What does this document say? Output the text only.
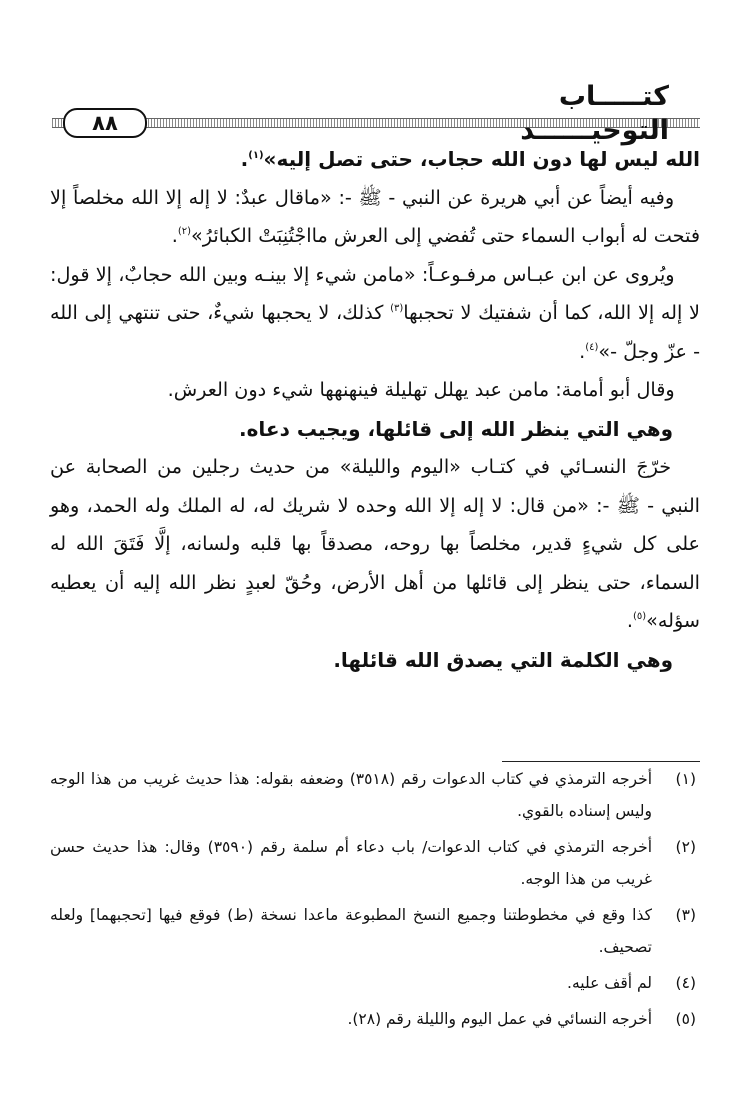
كتـــــاب التوحيــــــد
٨٨

الله ليس لها دون الله حجاب، حتى تصل إليه»$^{(١)}$.

  وفيه أيضاً عن أبي هريرة عن النبي - ﷺ -: «ماقال عبدٌ: لا إله إلا الله مخلصاً إلا فتحت له أبواب السماء حتى تُفضي إلى العرش مااجْتُنِبَتْ الكبائرُ»$^{(٢)}$.

  ويُروى عن ابن عبـاس مرفـوعـاً: «مامن شيء إلا بينـه وبين الله حجابٌ، إلا قول: لا إله إلا الله، كما أن شفتيك لا تحجبها$^{(٣)}$ كذلك، لا يحجبها شيءٌ، حتى تنتهي إلى الله - عزّ وجلّ -»$^{(٤)}$.

  وقال أبو أمامة: مامن عبد يهلل تهليلة فينهنهها شيء دون العرش.

  وهي التي ينظر الله إلى قائلها، ويجيب دعاه.

  خرّجَ النسـائي في كتـاب «اليوم والليلة» من حديث رجلين من الصحابة عن النبي - ﷺ -: «من قال: لا إله إلا الله وحده لا شريك له، له الملك وله الحمد، وهو على كل شيءٍ قدير، مخلصاً بها روحه، مصدقاً بها قلبه ولسانه، إلَّا فَتَقَ الله له السماء، حتى ينظر إلى قائلها من أهل الأرض، وحُقّ لعبدٍ نظر الله إليه أن يعطيه سؤله»$^{(٥)}$.

  وهي الكلمة التي يصدق الله قائلها.

(١)
أخرجه الترمذي في كتاب الدعوات رقم (٣٥١٨) وضعفه بقوله: هذا حديث غريب من هذا الوجه وليس إسناده بالقوي.
(٢)
أخرجه الترمذي في كتاب الدعوات/ باب دعاء أم سلمة رقم (٣٥٩٠) وقال: هذا حديث حسن غريب من هذا الوجه.
(٣)
كذا وقع في مخطوطتنا وجميع النسخ المطبوعة ماعدا نسخة (ط) فوقع فيها [تحجبهما] ولعله تصحيف.
(٤)
لم أقف عليه.
(٥)
أخرجه النسائي في عمل اليوم والليلة رقم (٢٨).
